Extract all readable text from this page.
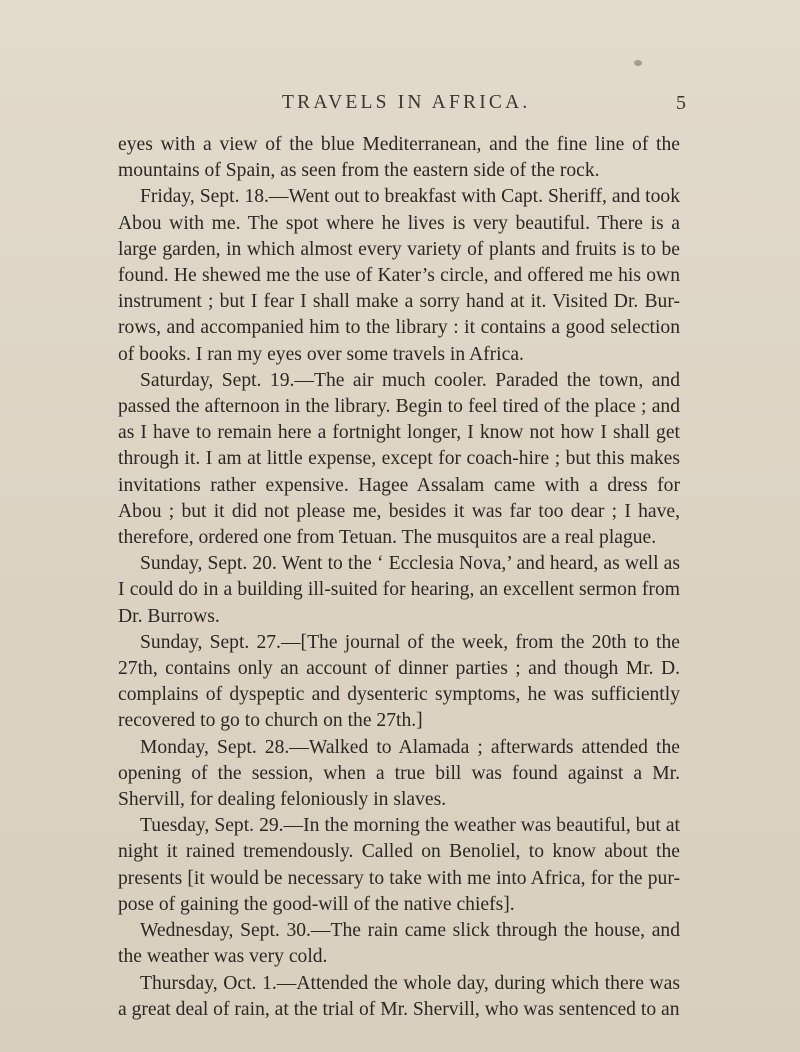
TRAVELS IN AFRICA.	5

eyes with a view of the blue Mediterranean, and the fine line of the mountains of Spain, as seen from the eastern side of the rock.

Friday, Sept. 18.—Went out to breakfast with Capt. Sheriff, and took Abou with me. The spot where he lives is very beautiful. There is a large garden, in which almost every variety of plants and fruits is to be found. He shewed me the use of Kater’s circle, and offered me his own instrument ; but I fear I shall make a sorry hand at it. Visited Dr. Bur-rows, and accompanied him to the library : it contains a good selection of books. I ran my eyes over some travels in Africa.

Saturday, Sept. 19.—The air much cooler. Paraded the town, and passed the afternoon in the library. Begin to feel tired of the place ; and as I have to remain here a fortnight longer, I know not how I shall get through it. I am at little expense, except for coach-hire ; but this makes invitations rather expensive. Hagee Assalam came with a dress for Abou ; but it did not please me, besides it was far too dear ; I have, therefore, ordered one from Tetuan. The musquitos are a real plague.

Sunday, Sept. 20. Went to the ‘ Ecclesia Nova,’ and heard, as well as I could do in a building ill-suited for hearing, an excellent sermon from Dr. Burrows.

Sunday, Sept. 27.—[The journal of the week, from the 20th to the 27th, contains only an account of dinner parties ; and though Mr. D. complains of dyspeptic and dysenteric symptoms, he was sufficiently recovered to go to church on the 27th.]

Monday, Sept. 28.—Walked to Alamada ; afterwards attended the opening of the session, when a true bill was found against a Mr. Shervill, for dealing feloniously in slaves.

Tuesday, Sept. 29.—In the morning the weather was beautiful, but at night it rained tremendously. Called on Benoliel, to know about the presents [it would be necessary to take with me into Africa, for the pur-pose of gaining the good-will of the native chiefs].

Wednesday, Sept. 30.—The rain came slick through the house, and the weather was very cold.

Thursday, Oct. 1.—Attended the whole day, during which there was a great deal of rain, at the trial of Mr. Shervill, who was sentenced to an
